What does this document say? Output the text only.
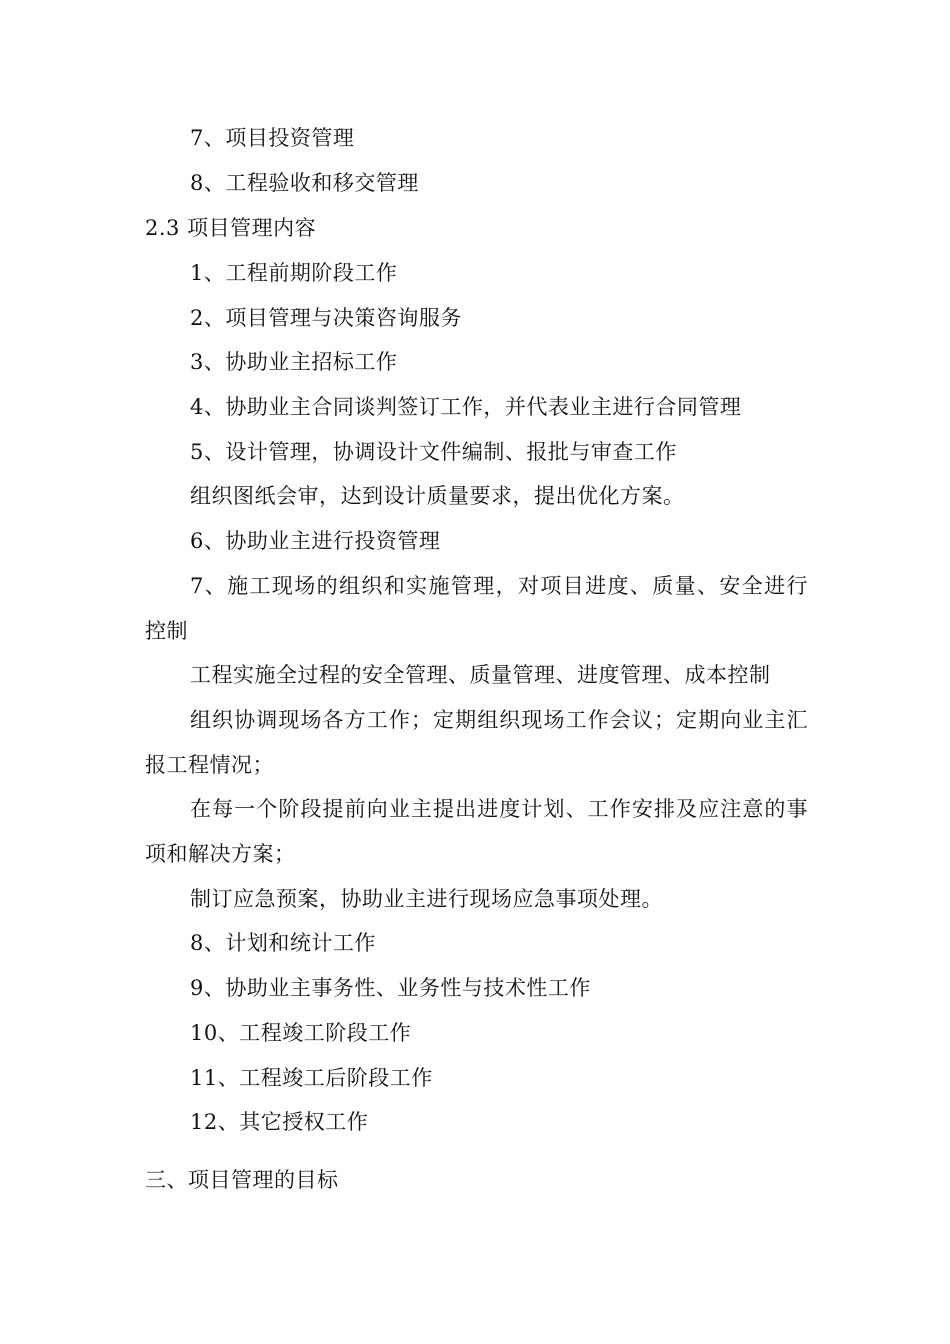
7、项目投资管理
8、工程验收和移交管理
2.3 项目管理内容
1、工程前期阶段工作
2、项目管理与决策咨询服务
3、协助业主招标工作
4、协助业主合同谈判签订工作，并代表业主进行合同管理
5、设计管理，协调设计文件编制、报批与审查工作
组织图纸会审，达到设计质量要求，提出优化方案。
6、协助业主进行投资管理
7、施工现场的组织和实施管理，对项目进度、质量、安全进行
控制
工程实施全过程的安全管理、质量管理、进度管理、成本控制
组织协调现场各方工作；定期组织现场工作会议；定期向业主汇
报工程情况；
在每一个阶段提前向业主提出进度计划、工作安排及应注意的事
项和解决方案；
制订应急预案，协助业主进行现场应急事项处理。
8、计划和统计工作
9、协助业主事务性、业务性与技术性工作
10、工程竣工阶段工作
11、工程竣工后阶段工作
12、其它授权工作
三、项目管理的目标
